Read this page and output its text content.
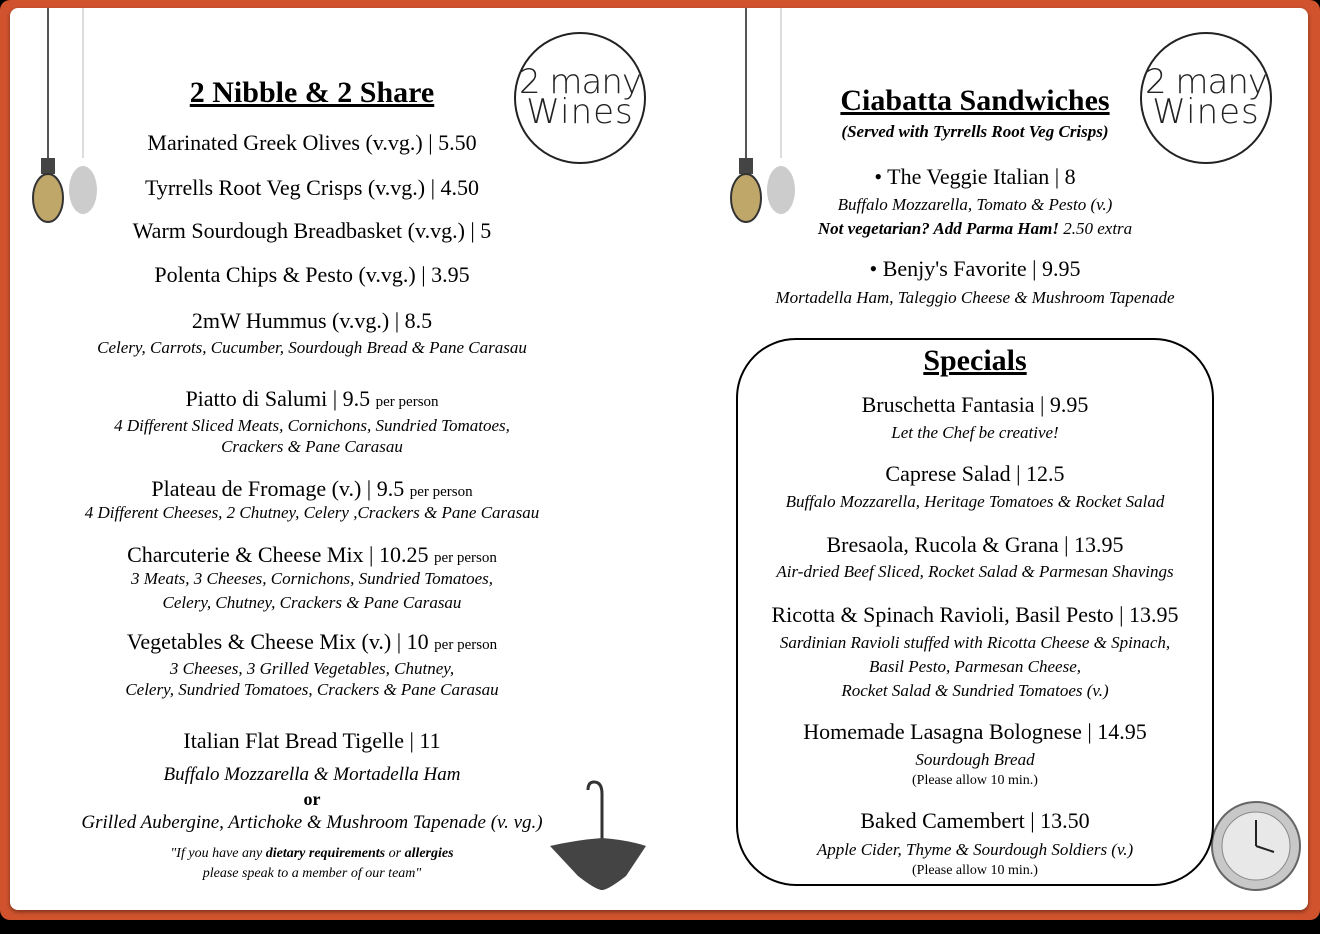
2 many
Wines
2 many
Wines
2 Nibble & 2 Share
Marinated Greek Olives (v.vg.) | 5.50
Tyrrells Root Veg Crisps (v.vg.) | 4.50
Warm Sourdough Breadbasket (v.vg.) | 5
Polenta Chips & Pesto (v.vg.) | 3.95
2mW Hummus (v.vg.) | 8.5
Celery, Carrots, Cucumber, Sourdough Bread & Pane Carasau
Piatto di Salumi | 9.5 per person
4 Different Sliced Meats, Cornichons, Sundried Tomatoes,
Crackers & Pane Carasau
Plateau de Fromage (v.) | 9.5 per person
4 Different Cheeses, 2 Chutney, Celery ,Crackers & Pane Carasau
Charcuterie & Cheese Mix | 10.25 per person
3 Meats, 3 Cheeses, Cornichons, Sundried Tomatoes,
Celery, Chutney, Crackers & Pane Carasau
Vegetables & Cheese Mix (v.) | 10 per person
3 Cheeses, 3 Grilled Vegetables, Chutney,
Celery, Sundried Tomatoes, Crackers & Pane Carasau
Italian Flat Bread Tigelle | 11
Buffalo Mozzarella & Mortadella Ham
or
Grilled Aubergine, Artichoke & Mushroom Tapenade (v. vg.)
"If you have any dietary requirements or allergies
please speak to a member of our team"
Ciabatta Sandwiches
(Served with Tyrrells Root Veg Crisps)
• The Veggie Italian | 8
Buffalo Mozzarella, Tomato & Pesto (v.)
Not vegetarian? Add Parma Ham! 2.50 extra
• Benjy's Favorite | 9.95
Mortadella Ham, Taleggio Cheese & Mushroom Tapenade
Specials
Bruschetta Fantasia | 9.95
Let the Chef be creative!
Caprese Salad | 12.5
Buffalo Mozzarella, Heritage Tomatoes & Rocket Salad
Bresaola, Rucola & Grana | 13.95
Air-dried Beef Sliced, Rocket Salad & Parmesan Shavings
Ricotta & Spinach Ravioli, Basil Pesto | 13.95
Sardinian Ravioli stuffed with Ricotta Cheese & Spinach,
Basil Pesto, Parmesan Cheese,
Rocket Salad & Sundried Tomatoes (v.)
Homemade Lasagna Bolognese | 14.95
Sourdough Bread
(Please allow 10 min.)
Baked Camembert | 13.50
Apple Cider, Thyme & Sourdough Soldiers (v.)
(Please allow 10 min.)
